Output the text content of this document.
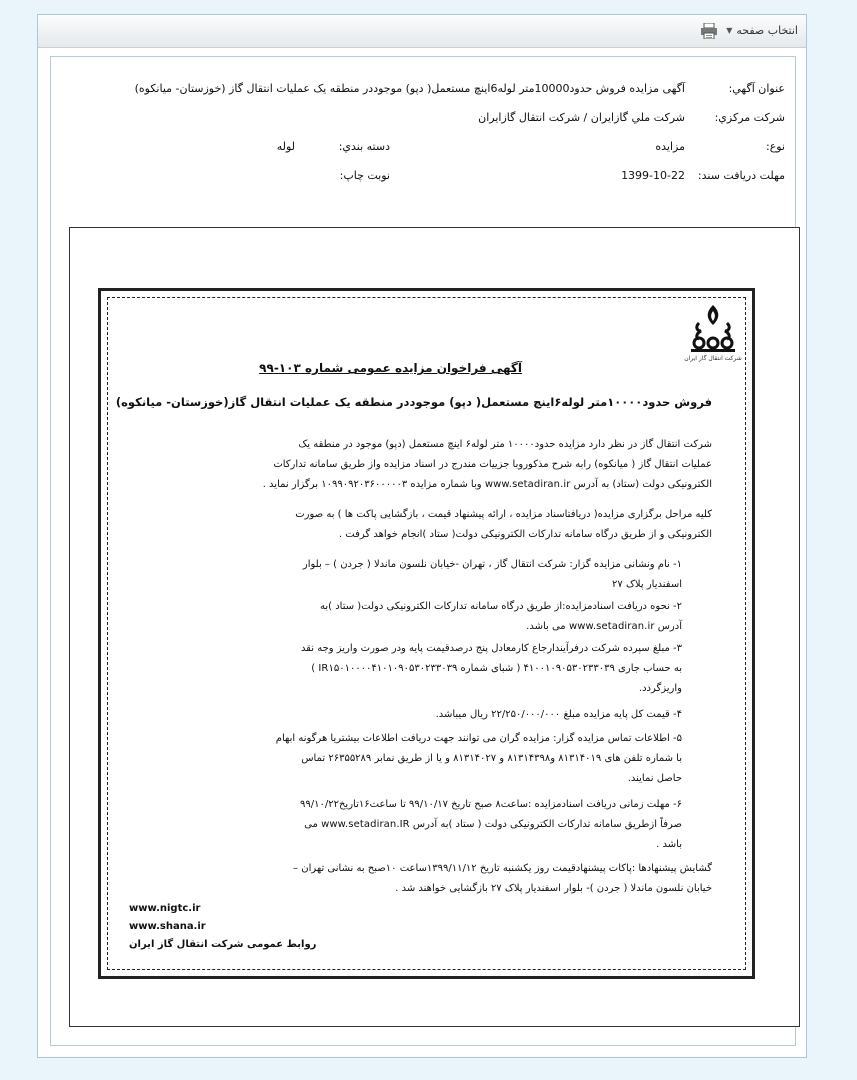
انتخاب صفحه
▼
عنوان آگهي:
آگهی مزایده فروش حدود10000متر لوله6اینچ مستعمل( دپو) موجوددر منطقه یک عملیات انتقال گاز (خوزستان- میانکوه)
شركت مركزي:
شركت ملي گازايران / شركت انتقال گازايران
نوع:
مزايده
دسته بندي:
لوله
مهلت دريافت سند:
1399-10-22
نوبت چاپ:
شرکت انتقال گاز ایران
آگهی فراخوان مزایده عمومی شماره ۱۰۳-۹۹
فروش حدود۱۰۰۰۰متر لوله۶اینچ مستعمل( دپو) موجوددر منطقه یک عملیات انتقال گاز(خوزستان- میانکوه)
شرکت انتقال گاز در نظر دارد مزایده حدود۱۰۰۰۰ متر لوله۶ اینچ مستعمل (دپو) موجود در منطقه یک
عملیات انتقال گاز ( میانکوه) رابه شرح مذکوروبا جزییات مندرج در اسناد مزایده واز طریق سامانه تدارکات
الکترونیکی دولت (ستاد) به آدرس www.setadiran.ir وبا شماره مزایده ۱۰۹۹۰۹۲۰۳۶۰۰۰۰۰۳ برگزار نماید .
کلیه مراحل برگزاری مزایده( دریافتاسناد مزایده ، ارائه پیشنهاد قیمت ، بازگشایی پاکت ها ) به صورت
الکترونیکی و از طریق درگاه سامانه تدارکات الکترونیکی دولت( ستاد )انجام خواهد گرفت .
۱- نام ونشانی مزایده گزار: شرکت انتقال گاز ، تهران -خیابان نلسون ماندلا ( جردن ) – بلوار
اسفندیار پلاک ۲۷
۲- نحوه دریافت اسنادمزایده:از طریق درگاه سامانه تدارکات الکترونیکی دولت( ستاد )به
آدرس www.setadiran.ir می باشد.
۳- مبلغ سپرده شرکت درفرآیندارجاع کارمعادل پنج درصدقیمت پایه ودر صورت واریز وجه نقد
به حساب جاری ۴۱۰۰۱۰۹۰۵۳۰۲۳۳۰۳۹ ( شبای شماره IR۱۵۰۱۰۰۰۰۴۱۰۱۰۹۰۵۳۰۲۳۳۰۳۹ )
واریزگردد.
۴- قیمت کل پایه مزایده مبلغ ۲۲/۲۵۰/۰۰۰/۰۰۰ ریال میباشد.
۵- اطلاعات تماس مزایده گزار: مزایده گران می توانند جهت دریافت اطلاعات بیشتریا هرگونه ابهام
با شماره تلفن های ۸۱۳۱۴۰۱۹ و۸۱۳۱۴۳۹۸ و ۸۱۳۱۴۰۲۷ و یا از طریق نمابر ۲۶۳۵۵۲۸۹ تماس
حاصل نمایند.
۶- مهلت زمانی دریافت اسنادمزایده :ساعت۸ صبح تاریخ ۹۹/۱۰/۱۷ تا ساعت۱۶تاریخ۹۹/۱۰/۲۲
صرفاً ازطریق سامانه تدارکات الکترونیکی دولت ( ستاد )به آدرس www.setadiran.IR می
باشد .
گشایش پیشنهادها :پاکات پیشنهادقیمت روز یکشنبه تاریخ ۱۳۹۹/۱۱/۱۲ساعت ۱۰صبح به نشانی تهران –
خیابان نلسون ماندلا ( جردن )- بلوار اسفندیار پلاک ۲۷ بازگشایی خواهند شد .
www.nigtc.ir
www.shana.ir
روابط عمومی شرکت انتقال گاز ایران
